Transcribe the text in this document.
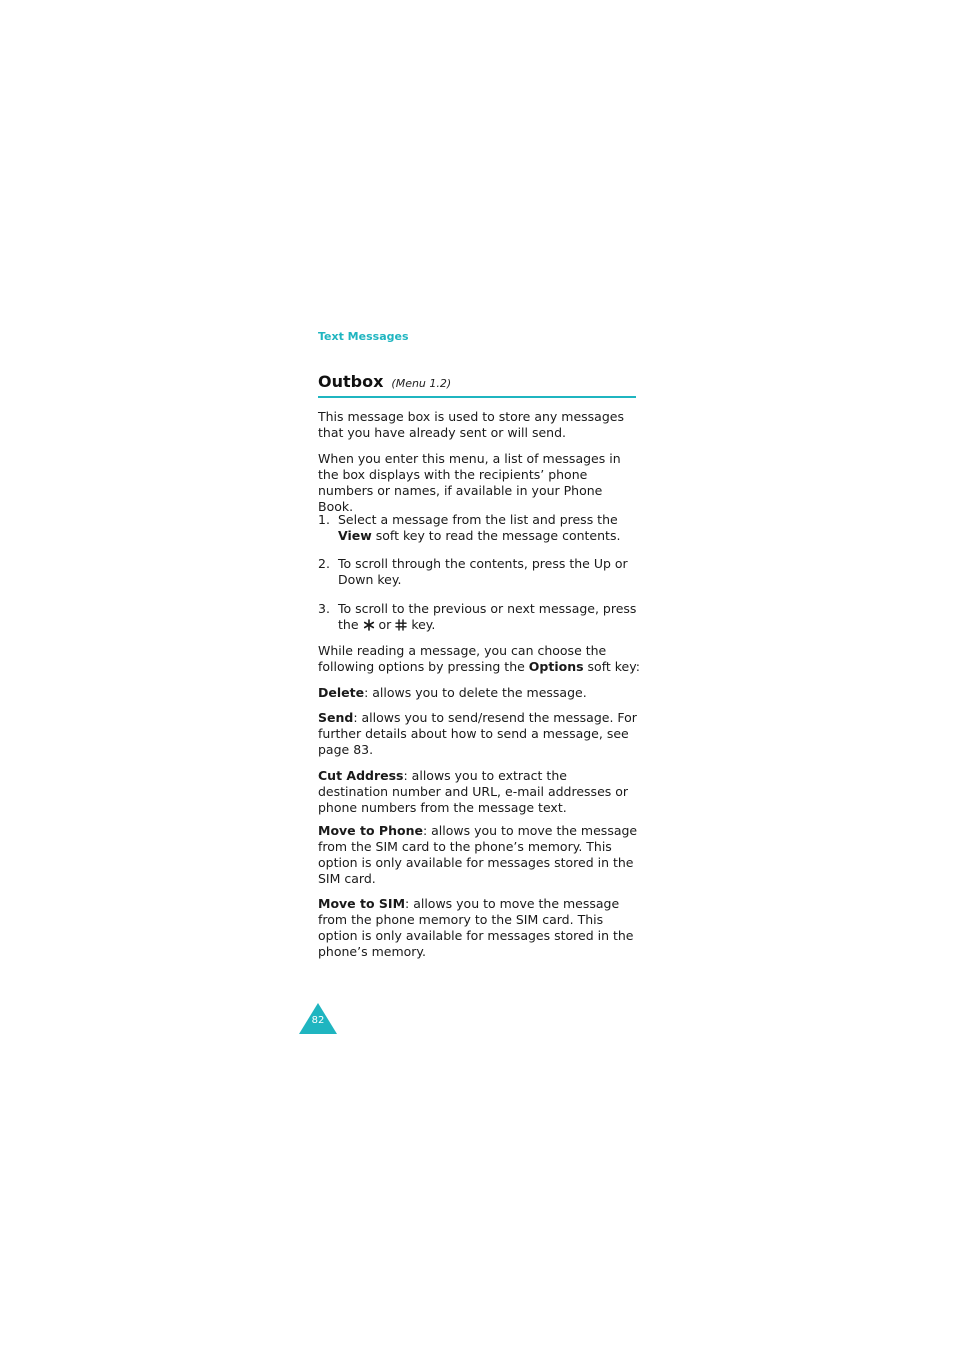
Text Messages
Outbox (Menu 1.2)
This message box is used to store any messages that you have already sent or will send.
When you enter this menu, a list of messages in the box displays with the recipients’ phone numbers or names, if available in your Phone Book.
1. Select a message from the list and press the View soft key to read the message contents.
2. To scroll through the contents, press the Up or Down key.
3. To scroll to the previous or next message, press the or key.
While reading a message, you can choose the following options by pressing the Options soft key:
Delete: allows you to delete the message.
Send: allows you to send/resend the message. For further details about how to send a message, see page 83.
Cut Address: allows you to extract the destination number and URL, e-mail addresses or phone numbers from the message text.
Move to Phone: allows you to move the message from the SIM card to the phone’s memory. This option is only available for messages stored in the SIM card.
Move to SIM: allows you to move the message from the phone memory to the SIM card. This option is only available for messages stored in the phone’s memory.
82
